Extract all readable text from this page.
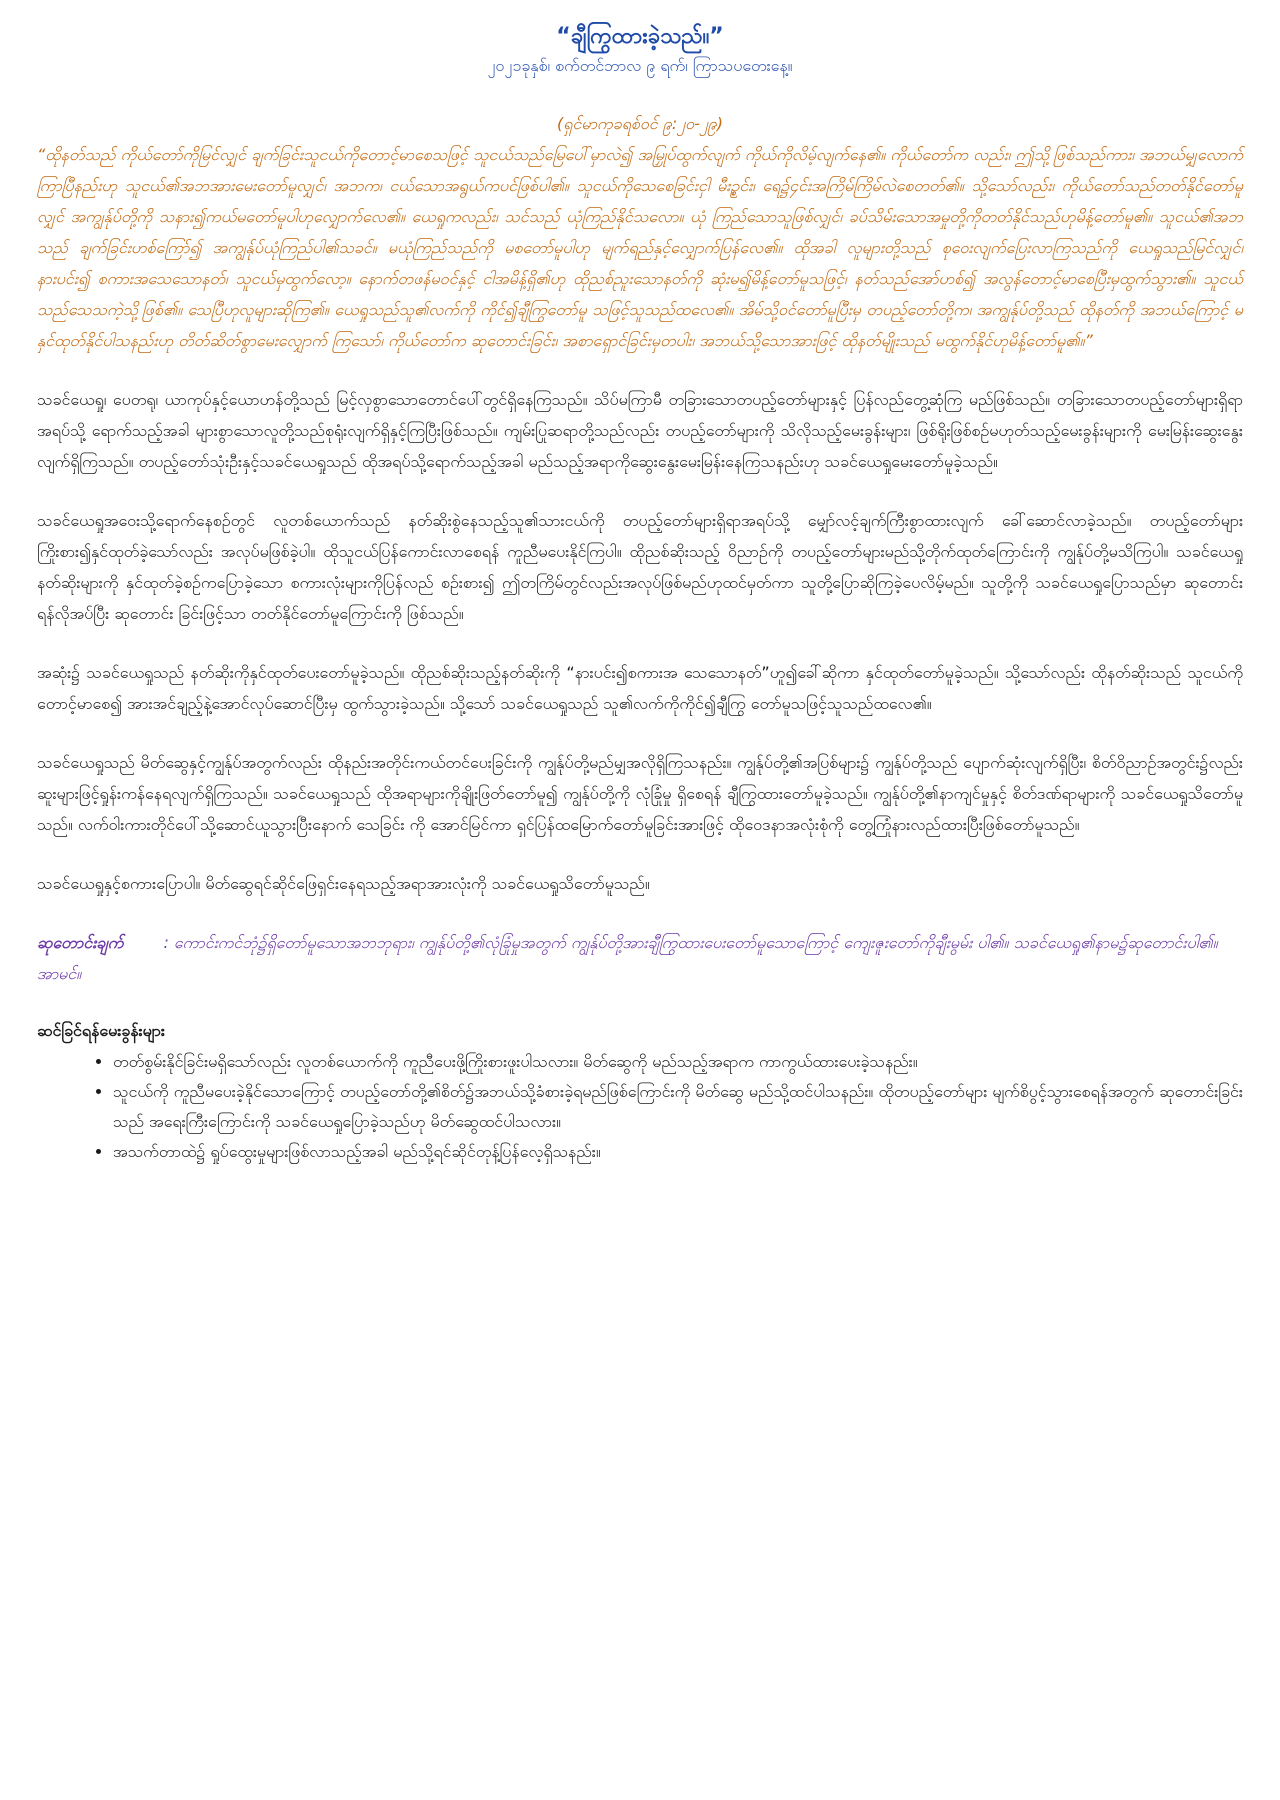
“ချီကြွထားခဲ့သည်။”

၂၀၂၁ခုနှစ်၊ စက်တင်ဘာလ ၉ ရက်၊ ကြာသပတေးနေ့။

(ရှင်မာကုခရစ်ဝင် ၉:၂၀-၂၉)

“ထိုနတ်သည် ကိုယ်တော်ကိုမြင်လျှင် ချက်ခြင်းသူငယ်ကိုတောင့်မာစေသဖြင့် သူငယ်သည်မြေပေါ်မှာလဲ၍ အမြှုပ်ထွက်လျက် ကိုယ်ကိုလိမ့်လျက်နေ၏။ ကိုယ်တော်က လည်း၊ ဤသို့ဖြစ်သည်ကား၊ အဘယ်မျှလောက်ကြာပြီနည်းဟု သူငယ်၏အဘအားမေးတော်မူလျှင်၊ အဘက၊ ငယ်သောအရွယ်ကပင်ဖြစ်ပါ၏။ သူငယ်ကိုသေစေခြင်းငှါ မီးဥ္စင်း၊ ရေ၌၄င်းအကြိမ်ကြိမ်လဲစေတတ်၏။ သို့သော်လည်း၊ ကိုယ်တော်သည်တတ်နိုင်တော်မူလျှင် အကျွန်ုပ်တို့ကို သနား၍ကယ်မတော်မူပါဟုလျှောက်လေ၏။ ယေရှုကလည်း၊ သင်သည် ယုံကြည်နိုင်သလော။ ယုံ ကြည်သောသူဖြစ်လျှင်၊ ခပ်သိမ်းသောအမှုတို့ကိုတတ်နိုင်သည်ဟုမိန့်တော်မူ၏။ သူငယ်၏အဘသည် ချက်ခြင်းဟစ်ကြော်၍ အကျွန်ုပ်ယုံကြည်ပါ၏သခင်။ မယုံကြည်သည်ကို မစတော်မူပါဟု မျက်ရည်နှင့်လျှောက်ပြန်လေ၏။ ထိုအခါ လူများတို့သည် စုဝေးလျက်ပြေးလာကြသည်ကို ယေရှုသည်မြင်လျှင်၊ နားပင်း၍ စကားအသေ‌သောနတ်၊ သူငယ်မှထွက်လော့။ နောက်တဖန်မဝင်နှင့် ငါအမိန့်ရှိ၏ဟု ထိုညစ်ညူးသောနတ်ကို ဆုံးမ၍မိန့်တော်မူသဖြင့်၊ နတ်သည်အော်ဟစ်၍ အလွန်တောင့်မာစေပြီးမှထွက်သွား၏။ သူငယ်သည်သေသကဲ့သို့ဖြစ်၏။ သေပြီဟုလူများဆိုကြ၏။ ယေရှုသည်သူ၏လက်ကို ကိုင်၍ချီကြွတော်မူ သဖြင့်သူသည်ထလေ၏။ အိမ်သို့ဝင်တော်မူပြီးမှ တပည့်တော်တို့က၊ အကျွန်ုပ်တို့သည် ထိုနတ်ကို အဘယ်ကြောင့် မနှင်ထုတ်နိုင်ပါသနည်းဟု တိတ်ဆိတ်စွာမေးလျှောက် ကြသော်၊ ကိုယ်တော်က ဆုတောင်းခြင်း၊ အစာရှောင်ခြင်းမှတပါး၊ အဘယ်သို့သောအားဖြင့် ထိုနတ်မျိုးသည် မထွက်နိုင်ဟုမိန့်တော်မူ၏။”

သခင်ယေရှု၊ ပေတရု၊ ယာကုပ်နှင့်ယောဟန်တို့သည် မြင့်လှစွာသောတောင်ပေါ်တွင်ရှိနေကြသည်။ သိပ်မကြာမီ တခြားသောတပည့်တော်များနှင့် ပြန်လည်တွေ့ဆုံကြ မည်ဖြစ်သည်။ တခြားသောတပည့်တော်များရှိရာအရပ်သို့ ရောက်သည့်အခါ များစွာသောလူတို့သည်စုရုံးလျက်ရှိနှင့်ကြပြီးဖြစ်သည်။ ကျမ်းပြုဆရာတို့သည်လည်း တပည့်တော်များကို သိလိုသည့်မေးခွန်းများ၊ ဖြစ်ရိုးဖြစ်စဉ်မဟုတ်သည့်မေးခွန်းများကို မေးမြန်းဆွေးနွေးလျက်ရှိကြသည်။ တပည့်တော်သုံးဦးနှင့်သခင်ယေရှုသည် ထိုအရပ်သို့ရောက်သည့်အခါ မည်သည့်အရာကိုဆွေးနွေးမေးမြန်းနေကြသနည်းဟု သခင်ယေရှုမေးတော်မူခဲ့သည်။

သခင်ယေရှုအဝေးသို့ရောက်နေစဉ်တွင် လူတစ်ယောက်သည် နတ်ဆိုးစွဲနေသည့်သူ၏သားငယ်ကို တပည့်တော်များရှိရာအရပ်သို့ မျှော်လင့်ချက်ကြီးစွာထားလျက် ခေါ်ဆောင်လာခဲ့သည်။ တပည့်တော်များကြိုးစား၍နှင်ထုတ်ခဲ့သော်လည်း အလုပ်မဖြစ်ခဲ့ပါ။ ထိုသူငယ်ပြန်ကောင်းလာစေရန် ကူညီမပေးနိုင်ကြပါ။ ထိုညစ်ဆိုးသည့် ဝိညာဉ်ကို တပည့်တော်များမည်သို့တိုက်ထုတ်ကြောင်းကို ကျွန်ုပ်တို့မသိကြပါ။ သခင်ယေရှုနတ်ဆိုးများကို နှင်ထုတ်ခဲ့စဉ်ကပြောခဲ့သော စကားလုံးများကိုပြန်လည် စဉ်းစား၍ ဤတကြိမ်တွင်လည်းအလုပ်ဖြစ်မည်ဟုထင်မှတ်ကာ သူတို့ပြောဆိုကြခဲ့ပေလိမ့်မည်။ သူတို့ကို သခင်ယေရှုပြောသည်မှာ ဆုတောင်းရန်လိုအပ်ပြီး ဆုတောင်း ခြင်းဖြင့်သာ တတ်နိုင်တော်မူကြောင်းကို ဖြစ်သည်။

အဆုံး၌ သခင်ယေရှုသည် နတ်ဆိုးကိုနှင်ထုတ်ပေးတော်မူခဲ့သည်။ ထိုညစ်ဆိုးသည့်နတ်ဆိုးကို “နားပင်း၍စကားအ သေ‌သောနတ်”ဟူ၍ခေါ်ဆိုကာ နှင်ထုတ်တော်မူခဲ့သည်။ သို့သော်လည်း ထိုနတ်ဆိုးသည် သူငယ်ကိုတောင့်မာစေ၍ အားအင်ချည့်နဲ့အောင်လုပ်ဆောင်ပြီးမှ ထွက်သွားခဲ့သည်။ သို့သော် သခင်ယေရှုသည် သူ၏လက်ကိုကိုင်၍ချီကြွ တော်မူသဖြင့်သူသည်ထလေ၏။

သခင်ယေရှုသည် မိတ်ဆွေနှင့်ကျွန်ုပ်အတွက်လည်း ထိုနည်းအတိုင်းကယ်တင်ပေးခြင်းကို ကျွန်ုပ်တို့မည်မျှအလိုရှိကြသနည်း။ ကျွန်ုပ်တို့၏အပြစ်များ၌ ကျွန်ုပ်တို့သည် ပျောက်ဆုံးလျက်ရှိပြီး၊ စိတ်ဝိညာဉ်အတွင်း၌လည်း ဆူးများဖြင့်ရှုန်းကန်နေရလျက်ရှိကြသည်။ သခင်ယေရှုသည် ထိုအရာများကိုချိုးဖြတ်တော်မူ၍ ကျွန်ုပ်တို့ကို လုံခြုံမှု ရှိစေရန် ချီကြွထားတော်မူခဲ့သည်။ ကျွန်ုပ်တို့၏နာကျင်မှုနှင့် စိတ်ဒဏ်ရာများကို သခင်ယေရှုသိတော်မူသည်။ လက်ဝါးကားတိုင်ပေါ်သို့ဆောင်ယူသွားပြီးနောက် သေခြင်း ကို အောင်မြင်ကာ ရှင်ပြန်ထမြောက်တော်မူခြင်းအားဖြင့် ထိုဝေဒနာအလုံးစုံကို တွေ့ကြုံနားလည်ထားပြီးဖြစ်တော်မူသည်။

သခင်ယေရှုနှင့်စကားပြောပါ။ မိတ်ဆွေရင်ဆိုင်ဖြေရှင်းနေရသည့်အရာအားလုံးကို သခင်ယေရှုသိတော်မူသည်။

ဆုတောင်းချက်	: ကောင်းကင်ဘုံ၌ရှိတော်မူသောအဘဘုရား၊ ကျွန်ုပ်တို့၏လုံခြုံမှုအတွက် ကျွန်ုပ်တို့အားချီကြွထားပေးတော်မူသောကြောင့် ကျေးဇူးတော်ကိုချီးမွမ်း ပါ၏။ သခင်ယေရှု၏နာမ၌ဆုတောင်းပါ၏။ အာမင်။

ဆင်ခြင်ရန်မေးခွန်းများ

• တတ်စွမ်းနိုင်ခြင်းမရှိသော်လည်း လူတစ်ယောက်ကို ကူညီပေးဖို့ကြိုးစားဖူးပါသလား။ မိတ်ဆွေကို မည်သည့်အရာက ကာကွယ်ထားပေးခဲ့သနည်း။
• သူငယ်ကို ကူညီမပေးခဲ့နိုင်သောကြောင့် တပည့်တော်တို့၏စိတ်၌အဘယ်သို့ခံစားခဲ့ရမည်ဖြစ်ကြောင်းကို မိတ်ဆွေ မည်သို့ထင်ပါသနည်း။ ထိုတပည့်တော်များ မျက်စိပွင့်သွားစေရန်အတွက် ဆုတောင်းခြင်းသည် အရေးကြီးကြောင်းကို သခင်ယေရှုပြောခဲ့သည်ဟု မိတ်ဆွေထင်ပါသလား။
• အသက်တာထဲ၌ ရှုပ်ထွေးမှုများဖြစ်လာသည့်အခါ မည်သို့ရင်ဆိုင်တုန့်ပြန်လေ့ရှိသနည်း။
